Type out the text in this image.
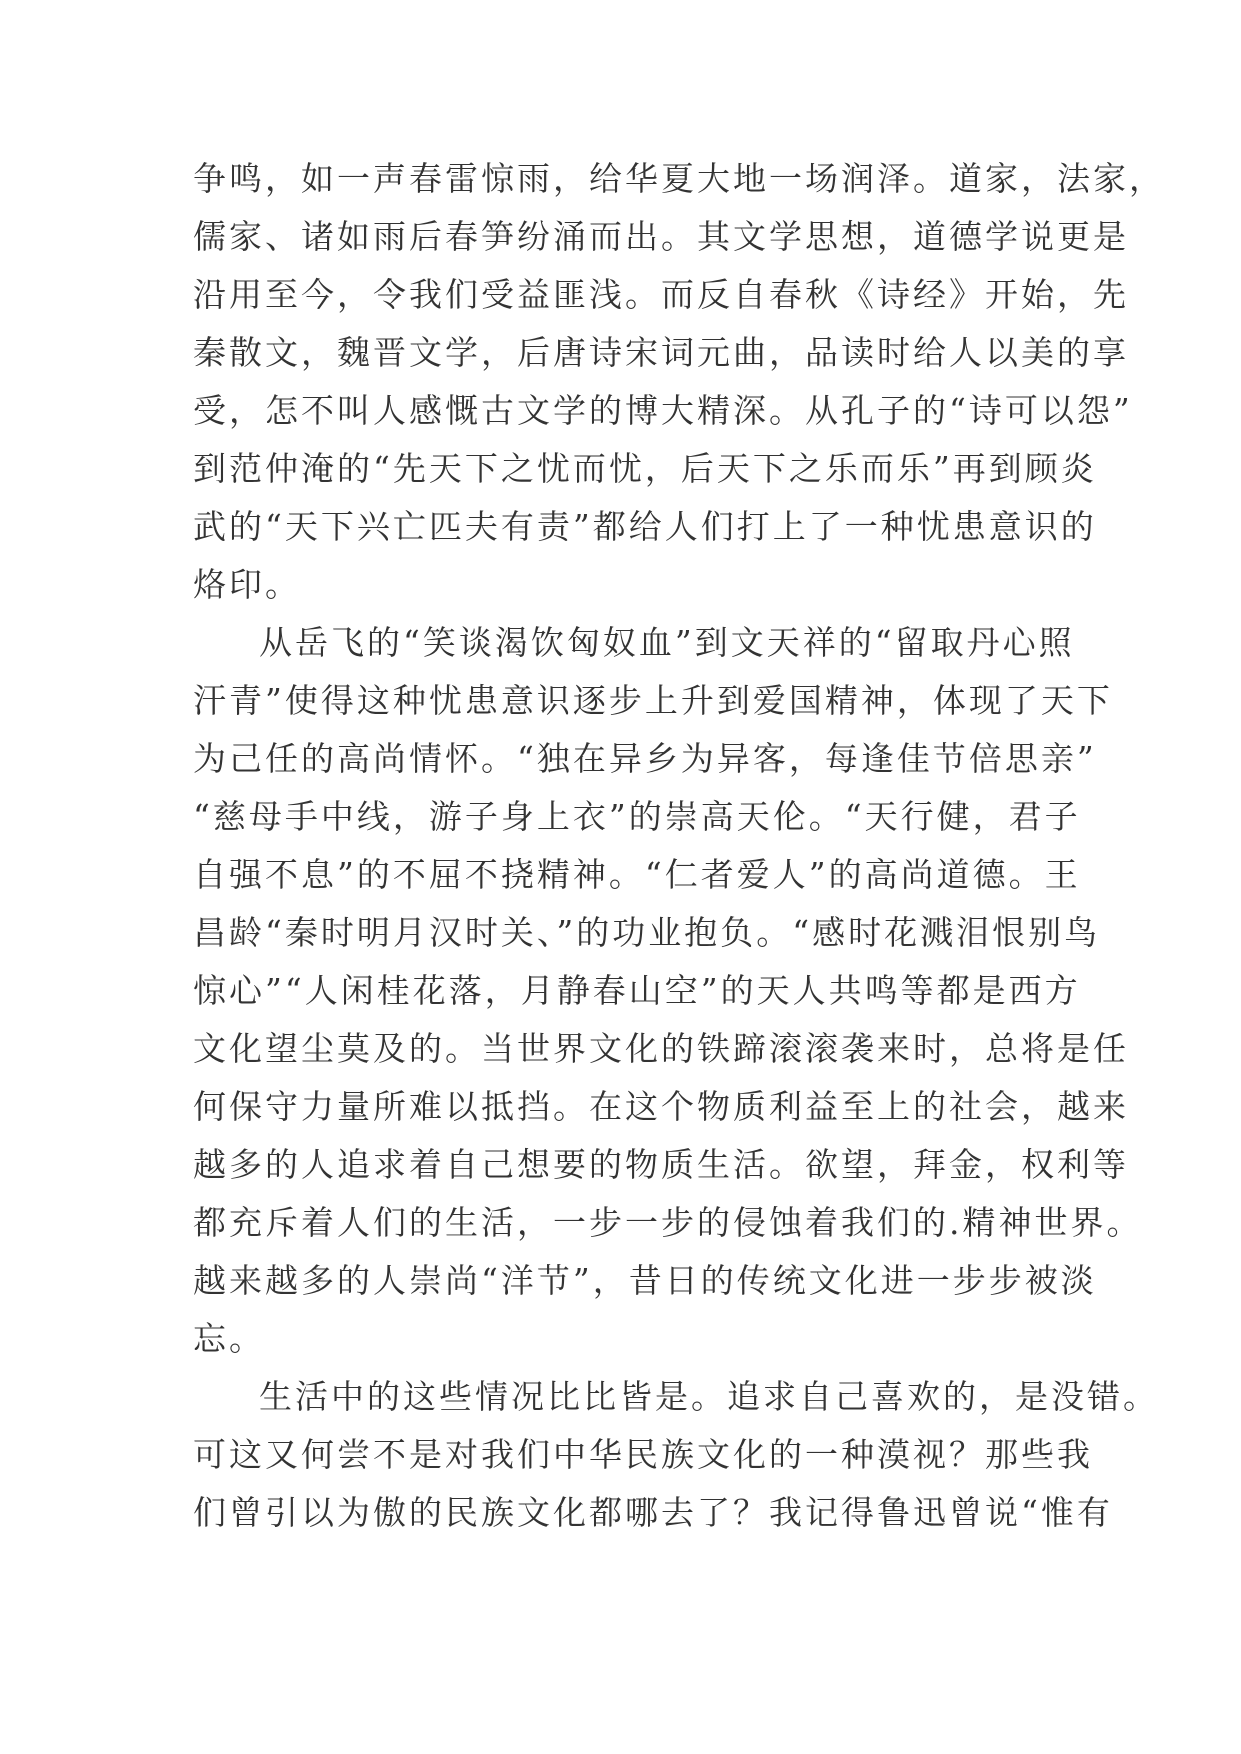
争鸣，如一声春雷惊雨，给华夏大地一场润泽。道家，法家，
儒家、诸如雨后春笋纷涌而出。其文学思想，道德学说更是
沿用至今，令我们受益匪浅。而反自春秋《诗经》开始，先
秦散文，魏晋文学，后唐诗宋词元曲，品读时给人以美的享
受，怎不叫人感慨古文学的博大精深。从孔子的“诗可以怨”
到范仲淹的“先天下之忧而忧，后天下之乐而乐”再到顾炎
武的“天下兴亡匹夫有责”都给人们打上了一种忧患意识的
烙印。
从岳飞的“笑谈渴饮匈奴血”到文天祥的“留取丹心照
汗青”使得这种忧患意识逐步上升到爱国精神，体现了天下
为己任的高尚情怀。“独在异乡为异客，每逢佳节倍思亲”
“慈母手中线，游子身上衣”的崇高天伦。“天行健，君子
自强不息”的不屈不挠精神。“仁者爱人”的高尚道德。王
昌龄“秦时明月汉时关、”的功业抱负。“感时花溅泪恨别鸟
惊心”“人闲桂花落，月静春山空”的天人共鸣等都是西方
文化望尘莫及的。当世界文化的铁蹄滚滚袭来时，总将是任
何保守力量所难以抵挡。在这个物质利益至上的社会，越来
越多的人追求着自己想要的物质生活。欲望，拜金，权利等
都充斥着人们的生活，一步一步的侵蚀着我们的.精神世界。
越来越多的人崇尚“洋节”，昔日的传统文化进一步步被淡
忘。
生活中的这些情况比比皆是。追求自己喜欢的，是没错。
可这又何尝不是对我们中华民族文化的一种漠视？那些我
们曾引以为傲的民族文化都哪去了？我记得鲁迅曾说“惟有
